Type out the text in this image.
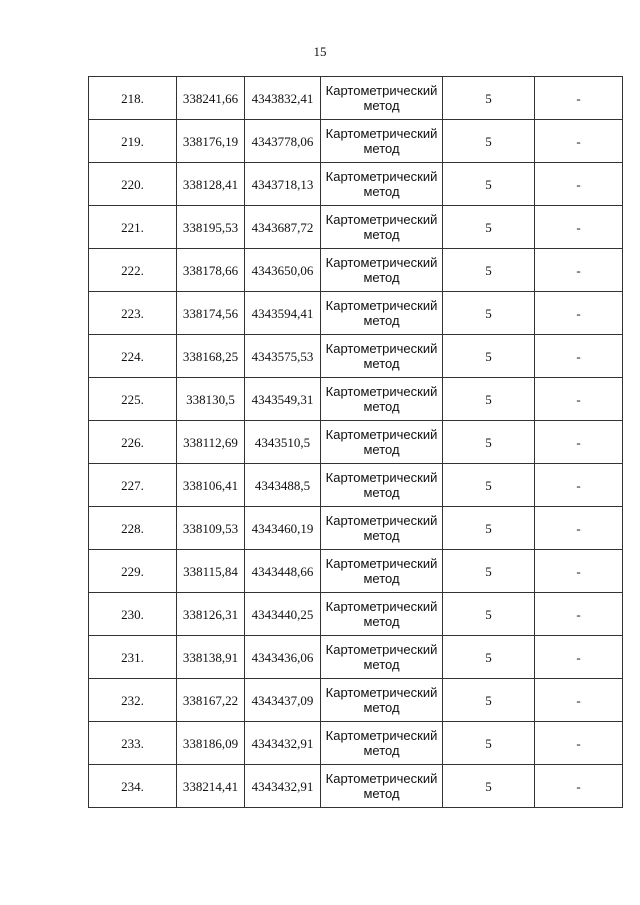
15
218.	338241,66	4343832,41	Картометрический метод	5	-
219.	338176,19	4343778,06	Картометрический метод	5	-
220.	338128,41	4343718,13	Картометрический метод	5	-
221.	338195,53	4343687,72	Картометрический метод	5	-
222.	338178,66	4343650,06	Картометрический метод	5	-
223.	338174,56	4343594,41	Картометрический метод	5	-
224.	338168,25	4343575,53	Картометрический метод	5	-
225.	338130,5	4343549,31	Картометрический метод	5	-
226.	338112,69	4343510,5	Картометрический метод	5	-
227.	338106,41	4343488,5	Картометрический метод	5	-
228.	338109,53	4343460,19	Картометрический метод	5	-
229.	338115,84	4343448,66	Картометрический метод	5	-
230.	338126,31	4343440,25	Картометрический метод	5	-
231.	338138,91	4343436,06	Картометрический метод	5	-
232.	338167,22	4343437,09	Картометрический метод	5	-
233.	338186,09	4343432,91	Картометрический метод	5	-
234.	338214,41	4343432,91	Картометрический метод	5	-
